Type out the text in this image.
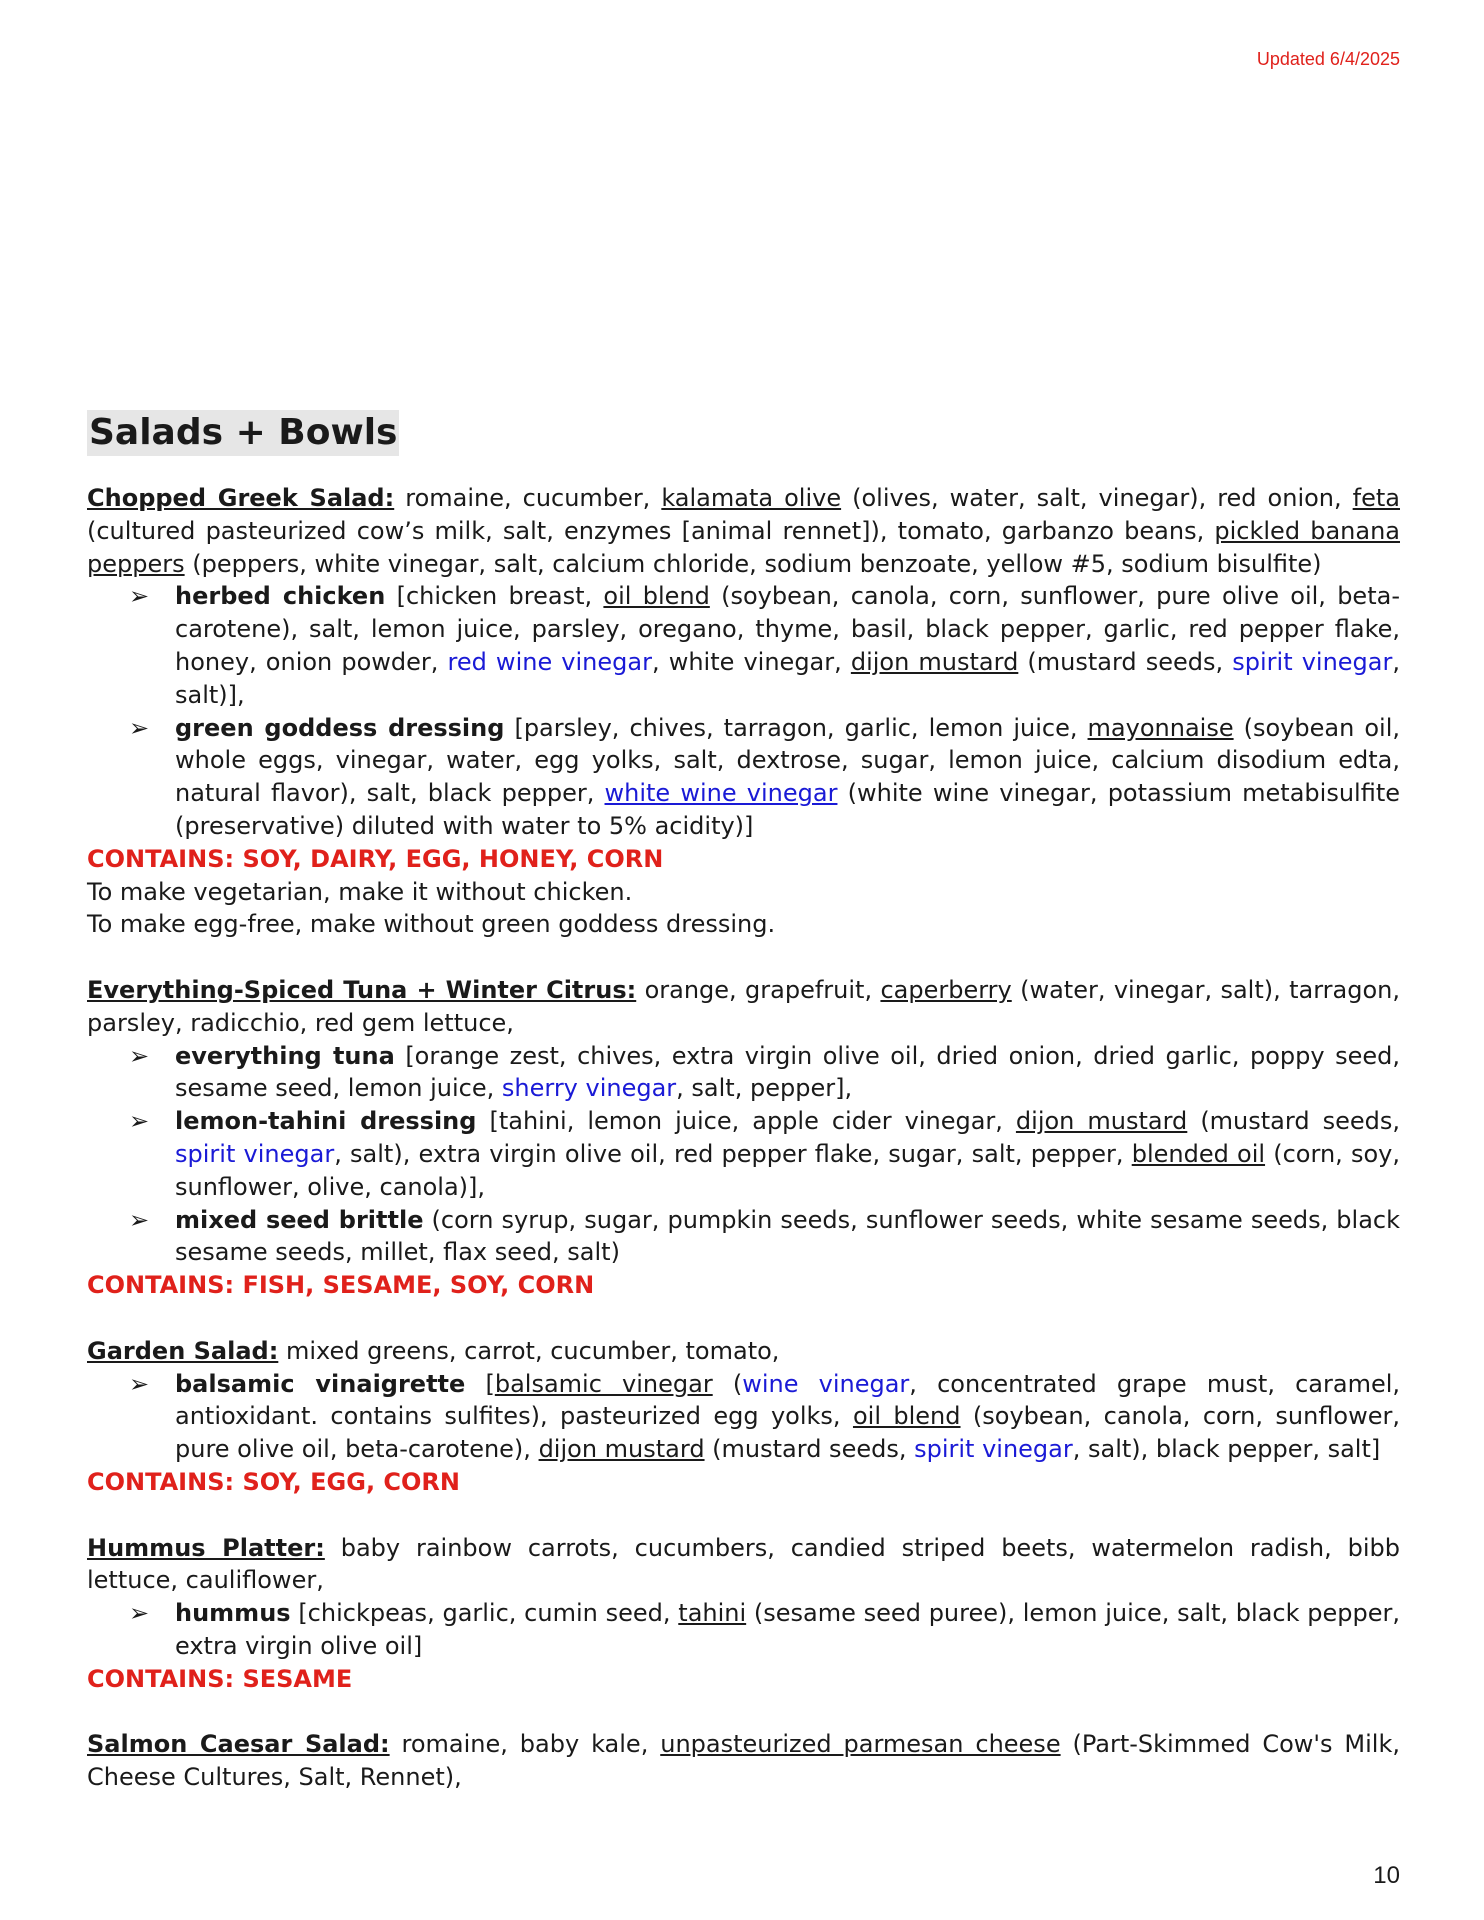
Updated 6/4/2025
Salads + Bowls

Chopped Greek Salad: romaine, cucumber, kalamata olive (olives, water, salt, vinegar), red onion, feta (cultured pasteurized cow’s milk, salt, enzymes [animal rennet]), tomato, garbanzo beans, pickled banana peppers (peppers, white vinegar, salt, calcium chloride, sodium benzoate, yellow #5, sodium bisulfite)

➢ herbed chicken [chicken breast, oil blend (soybean, canola, corn, sunflower, pure olive oil, beta-carotene), salt, lemon juice, parsley, oregano, thyme, basil, black pepper, garlic, red pepper flake, honey, onion powder, red wine vinegar, white vinegar, dijon mustard (mustard seeds, spirit vinegar, salt)],
➢ green goddess dressing [parsley, chives, tarragon, garlic, lemon juice, mayonnaise (soybean oil, whole eggs, vinegar, water, egg yolks, salt, dextrose, sugar, lemon juice, calcium disodium edta, natural flavor), salt, black pepper, white wine vinegar (white wine vinegar, potassium metabisulfite (preservative) diluted with water to 5% acidity)]
CONTAINS: SOY, DAIRY, EGG, HONEY, CORN
To make vegetarian, make it without chicken.
To make egg-free, make without green goddess dressing.

Everything-Spiced Tuna + Winter Citrus: orange, grapefruit, caperberry (water, vinegar, salt), tarragon, parsley, radicchio, red gem lettuce,

➢ everything tuna [orange zest, chives, extra virgin olive oil, dried onion, dried garlic, poppy seed, sesame seed, lemon juice, sherry vinegar, salt, pepper],
➢ lemon-tahini dressing [tahini, lemon juice, apple cider vinegar, dijon mustard (mustard seeds, spirit vinegar, salt), extra virgin olive oil, red pepper flake, sugar, salt, pepper, blended oil (corn, soy, sunflower, olive, canola)],
➢ mixed seed brittle (corn syrup, sugar, pumpkin seeds, sunflower seeds, white sesame seeds, black sesame seeds, millet, flax seed, salt)
CONTAINS: FISH, SESAME, SOY, CORN

Garden Salad: mixed greens, carrot, cucumber, tomato,

➢ balsamic vinaigrette [balsamic vinegar (wine vinegar, concentrated grape must, caramel, antioxidant. contains sulfites), pasteurized egg yolks, oil blend (soybean, canola, corn, sunflower, pure olive oil, beta-carotene), dijon mustard (mustard seeds, spirit vinegar, salt), black pepper, salt]
CONTAINS: SOY, EGG, CORN

Hummus Platter: baby rainbow carrots, cucumbers, candied striped beets, watermelon radish, bibb lettuce, cauliflower,

➢ hummus [chickpeas, garlic, cumin seed, tahini (sesame seed puree), lemon juice, salt, black pepper, extra virgin olive oil]
CONTAINS: SESAME

Salmon Caesar Salad: romaine, baby kale, unpasteurized parmesan cheese (Part-Skimmed Cow's Milk, Cheese Cultures, Salt, Rennet),

10
